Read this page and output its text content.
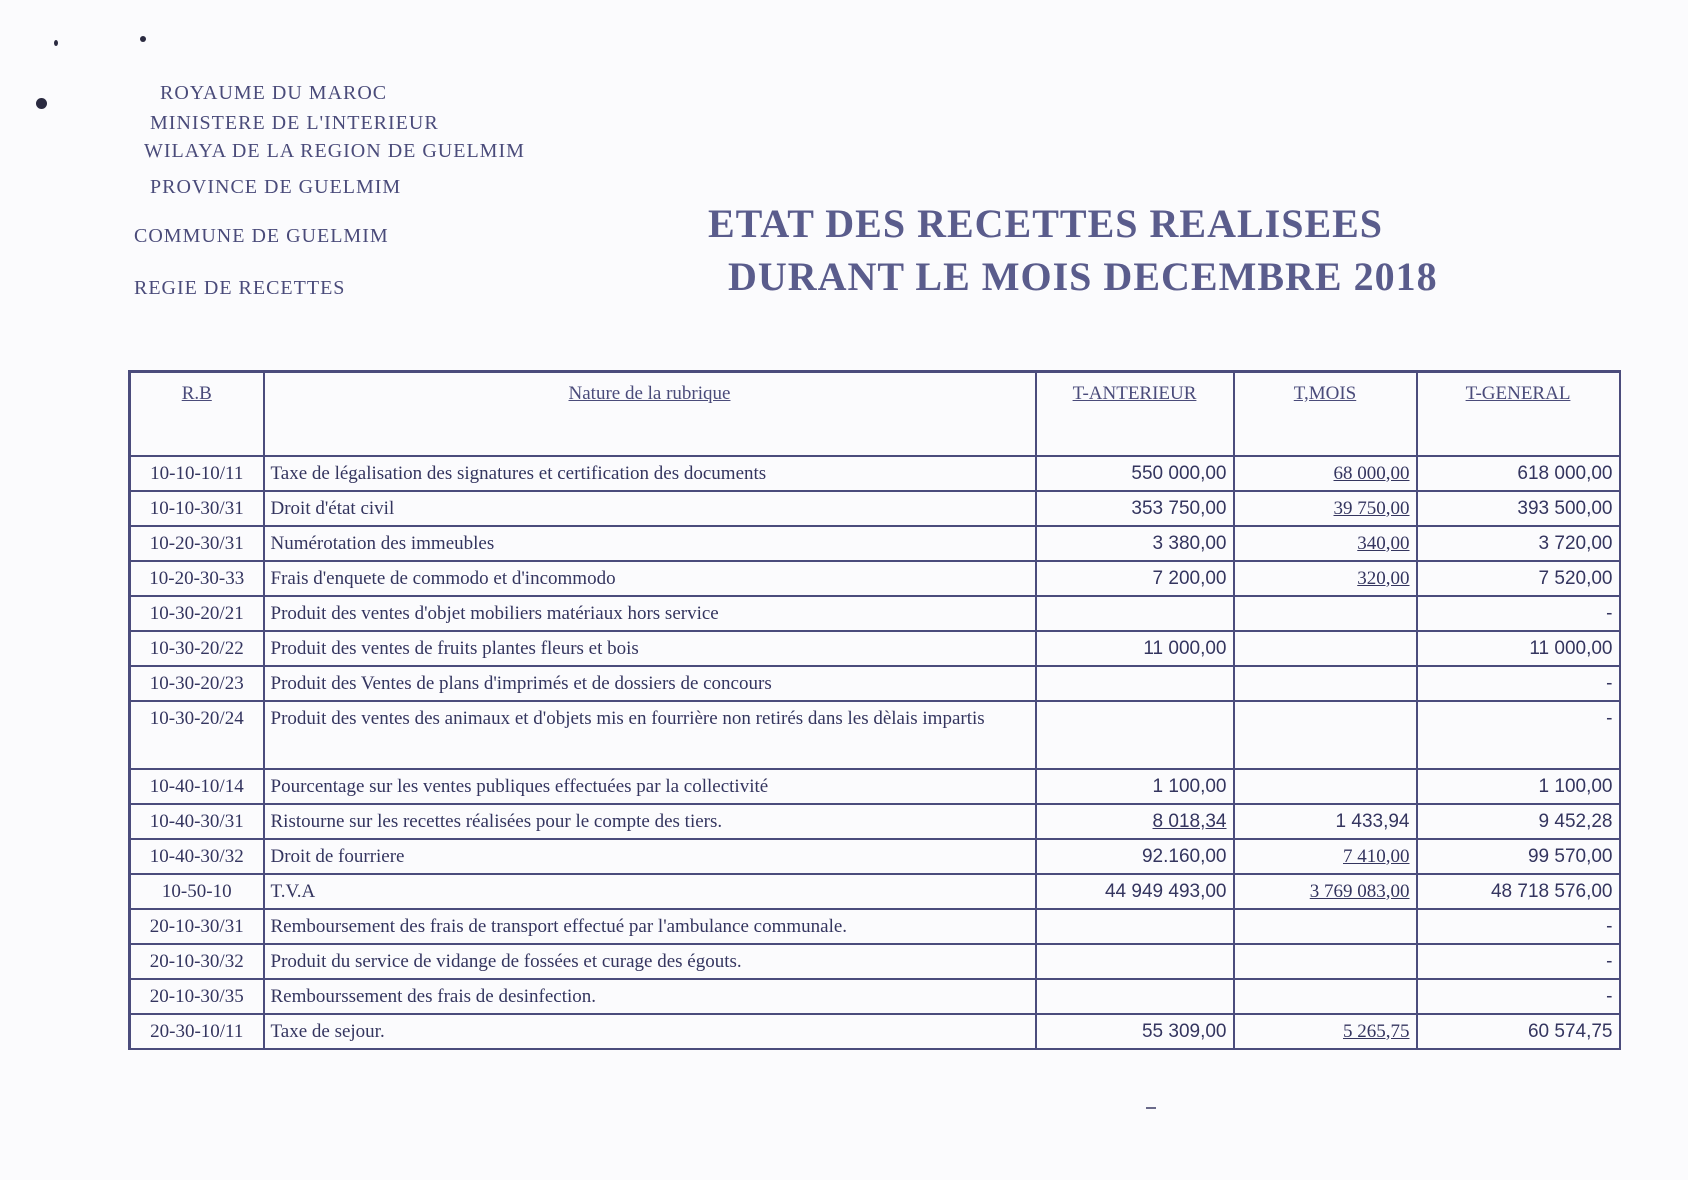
ROYAUME DU MAROC
MINISTERE DE L'INTERIEUR
WILAYA DE LA REGION DE GUELMIM
PROVINCE DE GUELMIM
COMMUNE DE GUELMIM
REGIE DE RECETTES
ETAT DES RECETTES REALISEES
DURANT LE MOIS DECEMBRE 2018
R.B	Nature de la rubrique	T-ANTERIEUR	T,MOIS	T-GENERAL
10-10-10/11	Taxe de légalisation des signatures et certification des documents	550 000,00	68 000,00	618 000,00
10-10-30/31	Droit d'état civil	353 750,00	39 750,00	393 500,00
10-20-30/31	Numérotation des immeubles	3 380,00	340,00	3 720,00
10-20-30-33	Frais d'enquete de commodo et d'incommodo	7 200,00	320,00	7 520,00
10-30-20/21	Produit des ventes d'objet mobiliers matériaux hors service			-
10-30-20/22	Produit des ventes de fruits plantes fleurs et bois	11 000,00		11 000,00
10-30-20/23	Produit des Ventes de plans d'imprimés et de dossiers de concours			-
10-30-20/24	Produit des ventes des animaux et d'objets mis en fourrière non retirés dans les dèlais impartis			-
10-40-10/14	Pourcentage sur les ventes publiques effectuées par la collectivité	1 100,00		1 100,00
10-40-30/31	Ristourne sur les recettes réalisées pour le compte des tiers.	8 018,34	1 433,94	9 452,28
10-40-30/32	Droit de fourriere	92.160,00	7 410,00	99 570,00
10-50-10	T.V.A	44 949 493,00	3 769 083,00	48 718 576,00
20-10-30/31	Remboursement des frais de transport effectué par l'ambulance communale.			-
20-10-30/32	Produit du service de vidange de fossées et curage des égouts.			-
20-10-30/35	Rembourssement des frais de desinfection.			-
20-30-10/11	Taxe de sejour.	55 309,00	5 265,75	60 574,75
